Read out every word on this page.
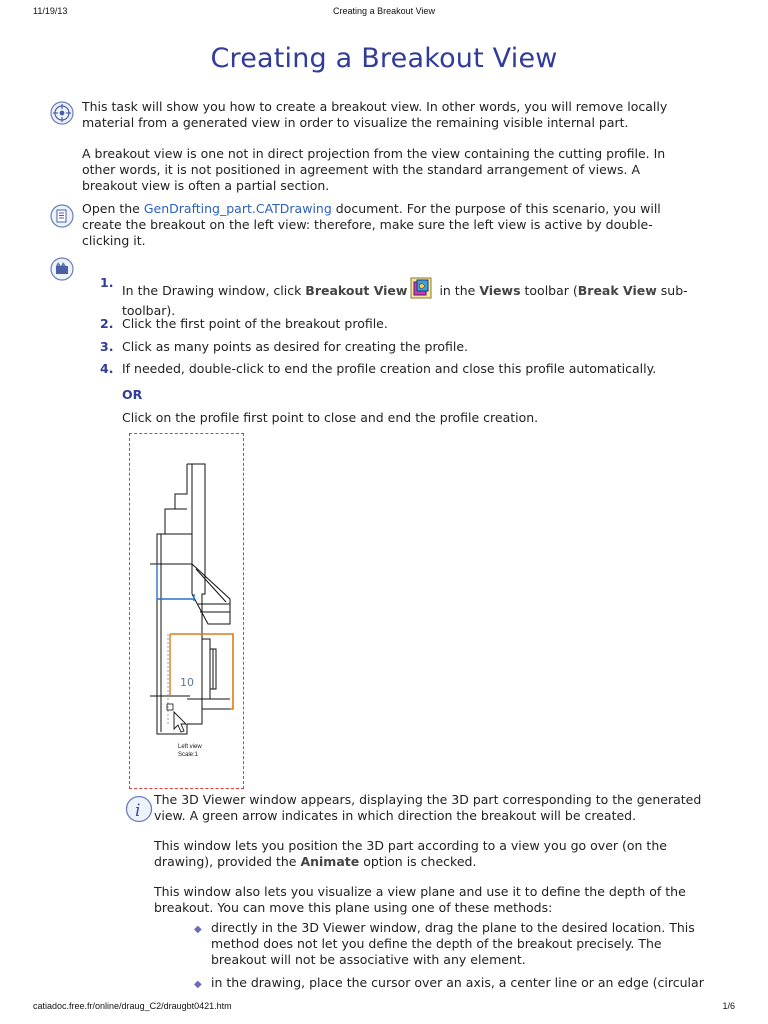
11/19/13	Creating a Breakout View
Creating a Breakout View
This task will show you how to create a breakout view. In other words, you will remove locally
material from a generated view in order to visualize the remaining visible internal part.
A breakout view is one not in direct projection from the view containing the cutting profile. In
other words, it is not positioned in agreement with the standard arrangement of views. A
breakout view is often a partial section.
Open the GenDrafting_part.CATDrawing document. For the purpose of this scenario, you will
create the breakout on the left view: therefore, make sure the left view is active by double-
clicking it.
1.
In the Drawing window, click Breakout View in the Views toolbar (Break View sub-
toolbar).
2. Click the first point of the breakout profile.
3. Click as many points as desired for creating the profile.
4. If needed, double-click to end the profile creation and close this profile automatically.
OR
Click on the profile first point to close and end the profile creation.
10
Left view
Scale:1
i
The 3D Viewer window appears, displaying the 3D part corresponding to the generated
view. A green arrow indicates in which direction the breakout will be created.
This window lets you position the 3D part according to a view you go over (on the
drawing), provided the Animate option is checked.
This window also lets you visualize a view plane and use it to define the depth of the
breakout. You can move this plane using one of these methods:
◆ directly in the 3D Viewer window, drag the plane to the desired location. This
method does not let you define the depth of the breakout precisely. The
breakout will not be associative with any element.
◆ in the drawing, place the cursor over an axis, a center line or an edge (circular
catiadoc.free.fr/online/draug_C2/draugbt0421.htm	1/6
